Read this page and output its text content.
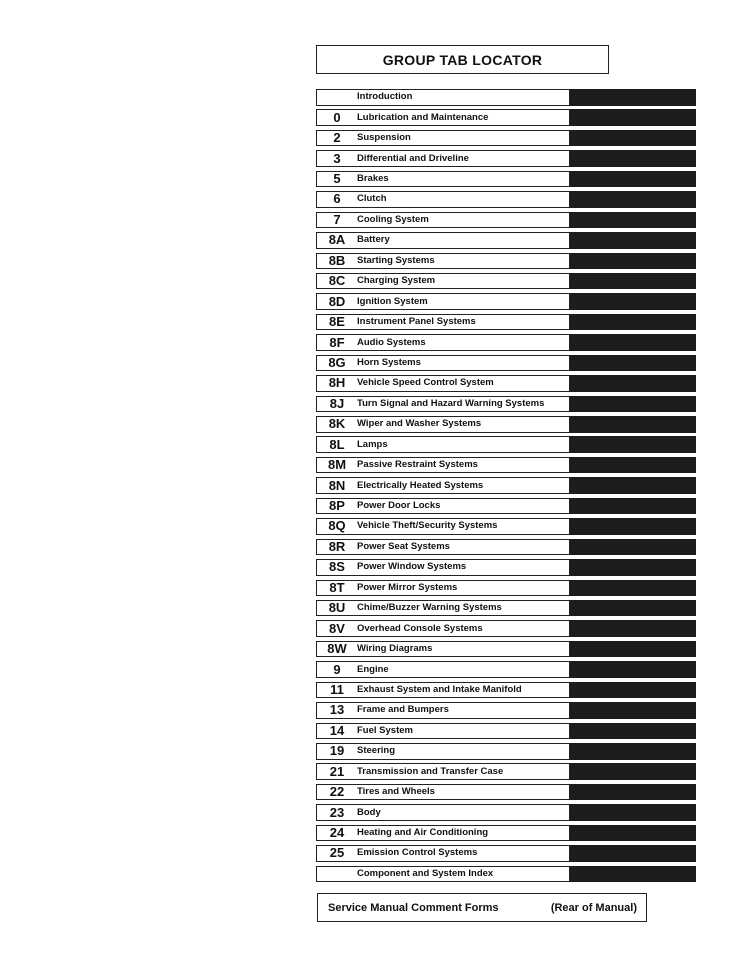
GROUP TAB LOCATOR
Introduction
0	Lubrication and Maintenance
2	Suspension
3	Differential and Driveline
5	Brakes
6	Clutch
7	Cooling System
8A	Battery
8B	Starting Systems
8C	Charging System
8D	Ignition System
8E	Instrument Panel Systems
8F	Audio Systems
8G	Horn Systems
8H	Vehicle Speed Control System
8J	Turn Signal and Hazard Warning Systems
8K	Wiper and Washer Systems
8L	Lamps
8M	Passive Restraint Systems
8N	Electrically Heated Systems
8P	Power Door Locks
8Q	Vehicle Theft/Security Systems
8R	Power Seat Systems
8S	Power Window Systems
8T	Power Mirror Systems
8U	Chime/Buzzer Warning Systems
8V	Overhead Console Systems
8W	Wiring Diagrams
9	Engine
11	Exhaust System and Intake Manifold
13	Frame and Bumpers
14	Fuel System
19	Steering
21	Transmission and Transfer Case
22	Tires and Wheels
23	Body
24	Heating and Air Conditioning
25	Emission Control Systems
Component and System Index
Service Manual Comment Forms	(Rear of Manual)
